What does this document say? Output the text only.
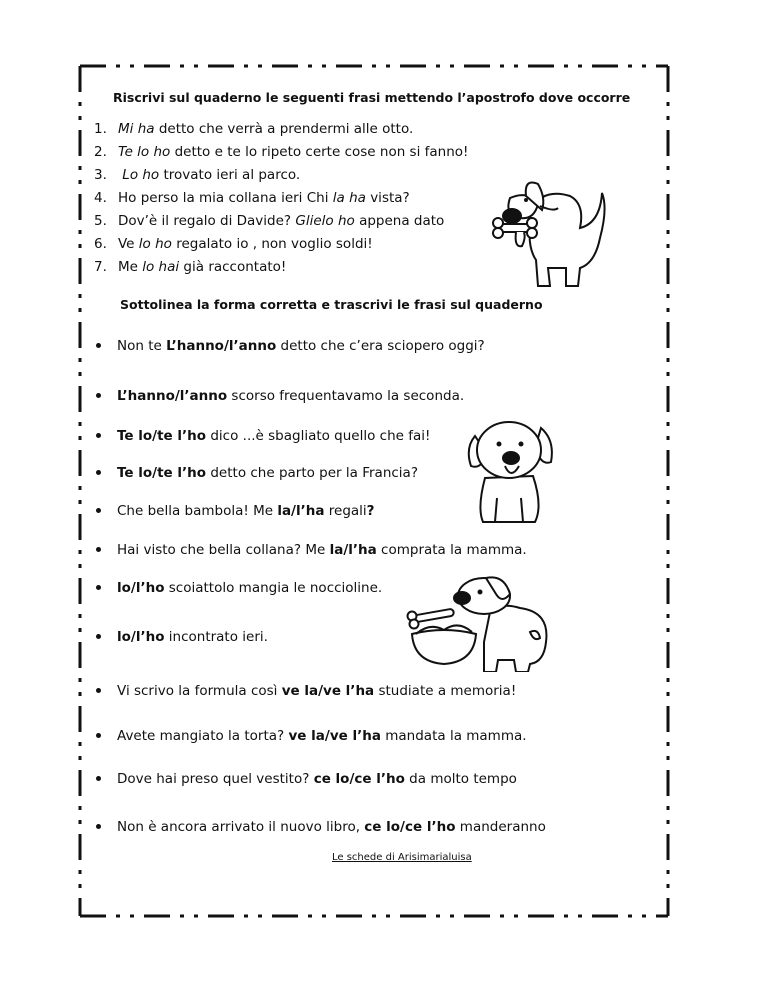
Riscrivi sul quaderno le seguenti frasi mettendo l’apostrofo dove occorre
1. Mi ha detto che verrà a prendermi alle otto.
2. Te lo ho detto e te lo ripeto certe cose non si fanno!
3. Lo ho trovato ieri al parco.
4. Ho perso la mia collana ieri Chi la ha vista?
5. Dov’è il regalo di Davide? Glielo ho appena dato
6. Ve lo ho regalato io , non voglio soldi!
7. Me lo hai già raccontato!
Sottolinea la forma corretta e trascrivi le frasi sul quaderno
Non te L’hanno/l’anno detto che c’era sciopero oggi?
L’hanno/l’anno scorso frequentavamo la seconda.
Te lo/te l’ho dico ...è sbagliato quello che fai!
Te lo/te l’ho detto che parto per la Francia?
Che bella bambola! Me la/l’ha regali?
Hai visto che bella collana? Me la/l’ha comprata la mamma.
lo/l’ho scoiattolo mangia le noccioline.
lo/l’ho incontrato ieri.
Vi scrivo la formula così ve la/ve l’ha studiate a memoria!
Avete mangiato la torta? ve la/ve l’ha mandata la mamma.
Dove hai preso quel vestito? ce lo/ce l’ho da molto tempo
Non è ancora arrivato il nuovo libro, ce lo/ce l’ho manderanno
Le schede di Arisimarialuisa
